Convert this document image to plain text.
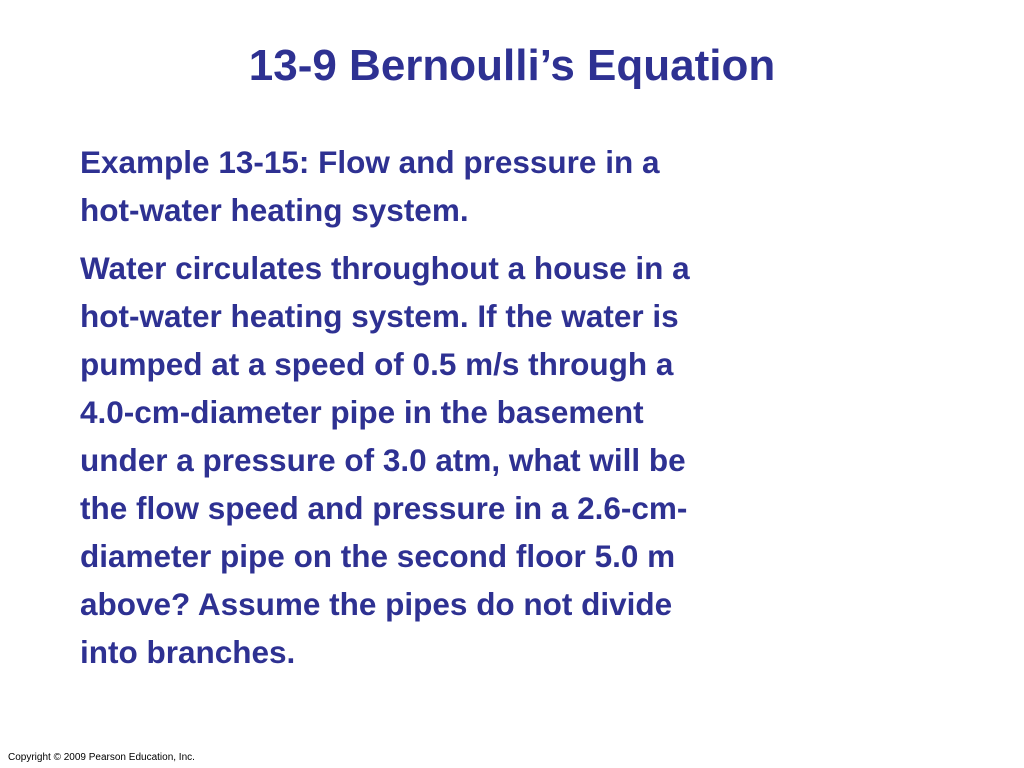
13-9 Bernoulli’s Equation
Example 13-15: Flow and pressure in a
hot-water heating system.
Water circulates throughout a house in a
hot-water heating system. If the water is
pumped at a speed of 0.5 m/s through a
4.0-cm-diameter pipe in the basement
under a pressure of 3.0 atm, what will be
the flow speed and pressure in a 2.6-cm-
diameter pipe on the second floor 5.0 m
above? Assume the pipes do not divide
into branches.
Copyright © 2009 Pearson Education, Inc.
